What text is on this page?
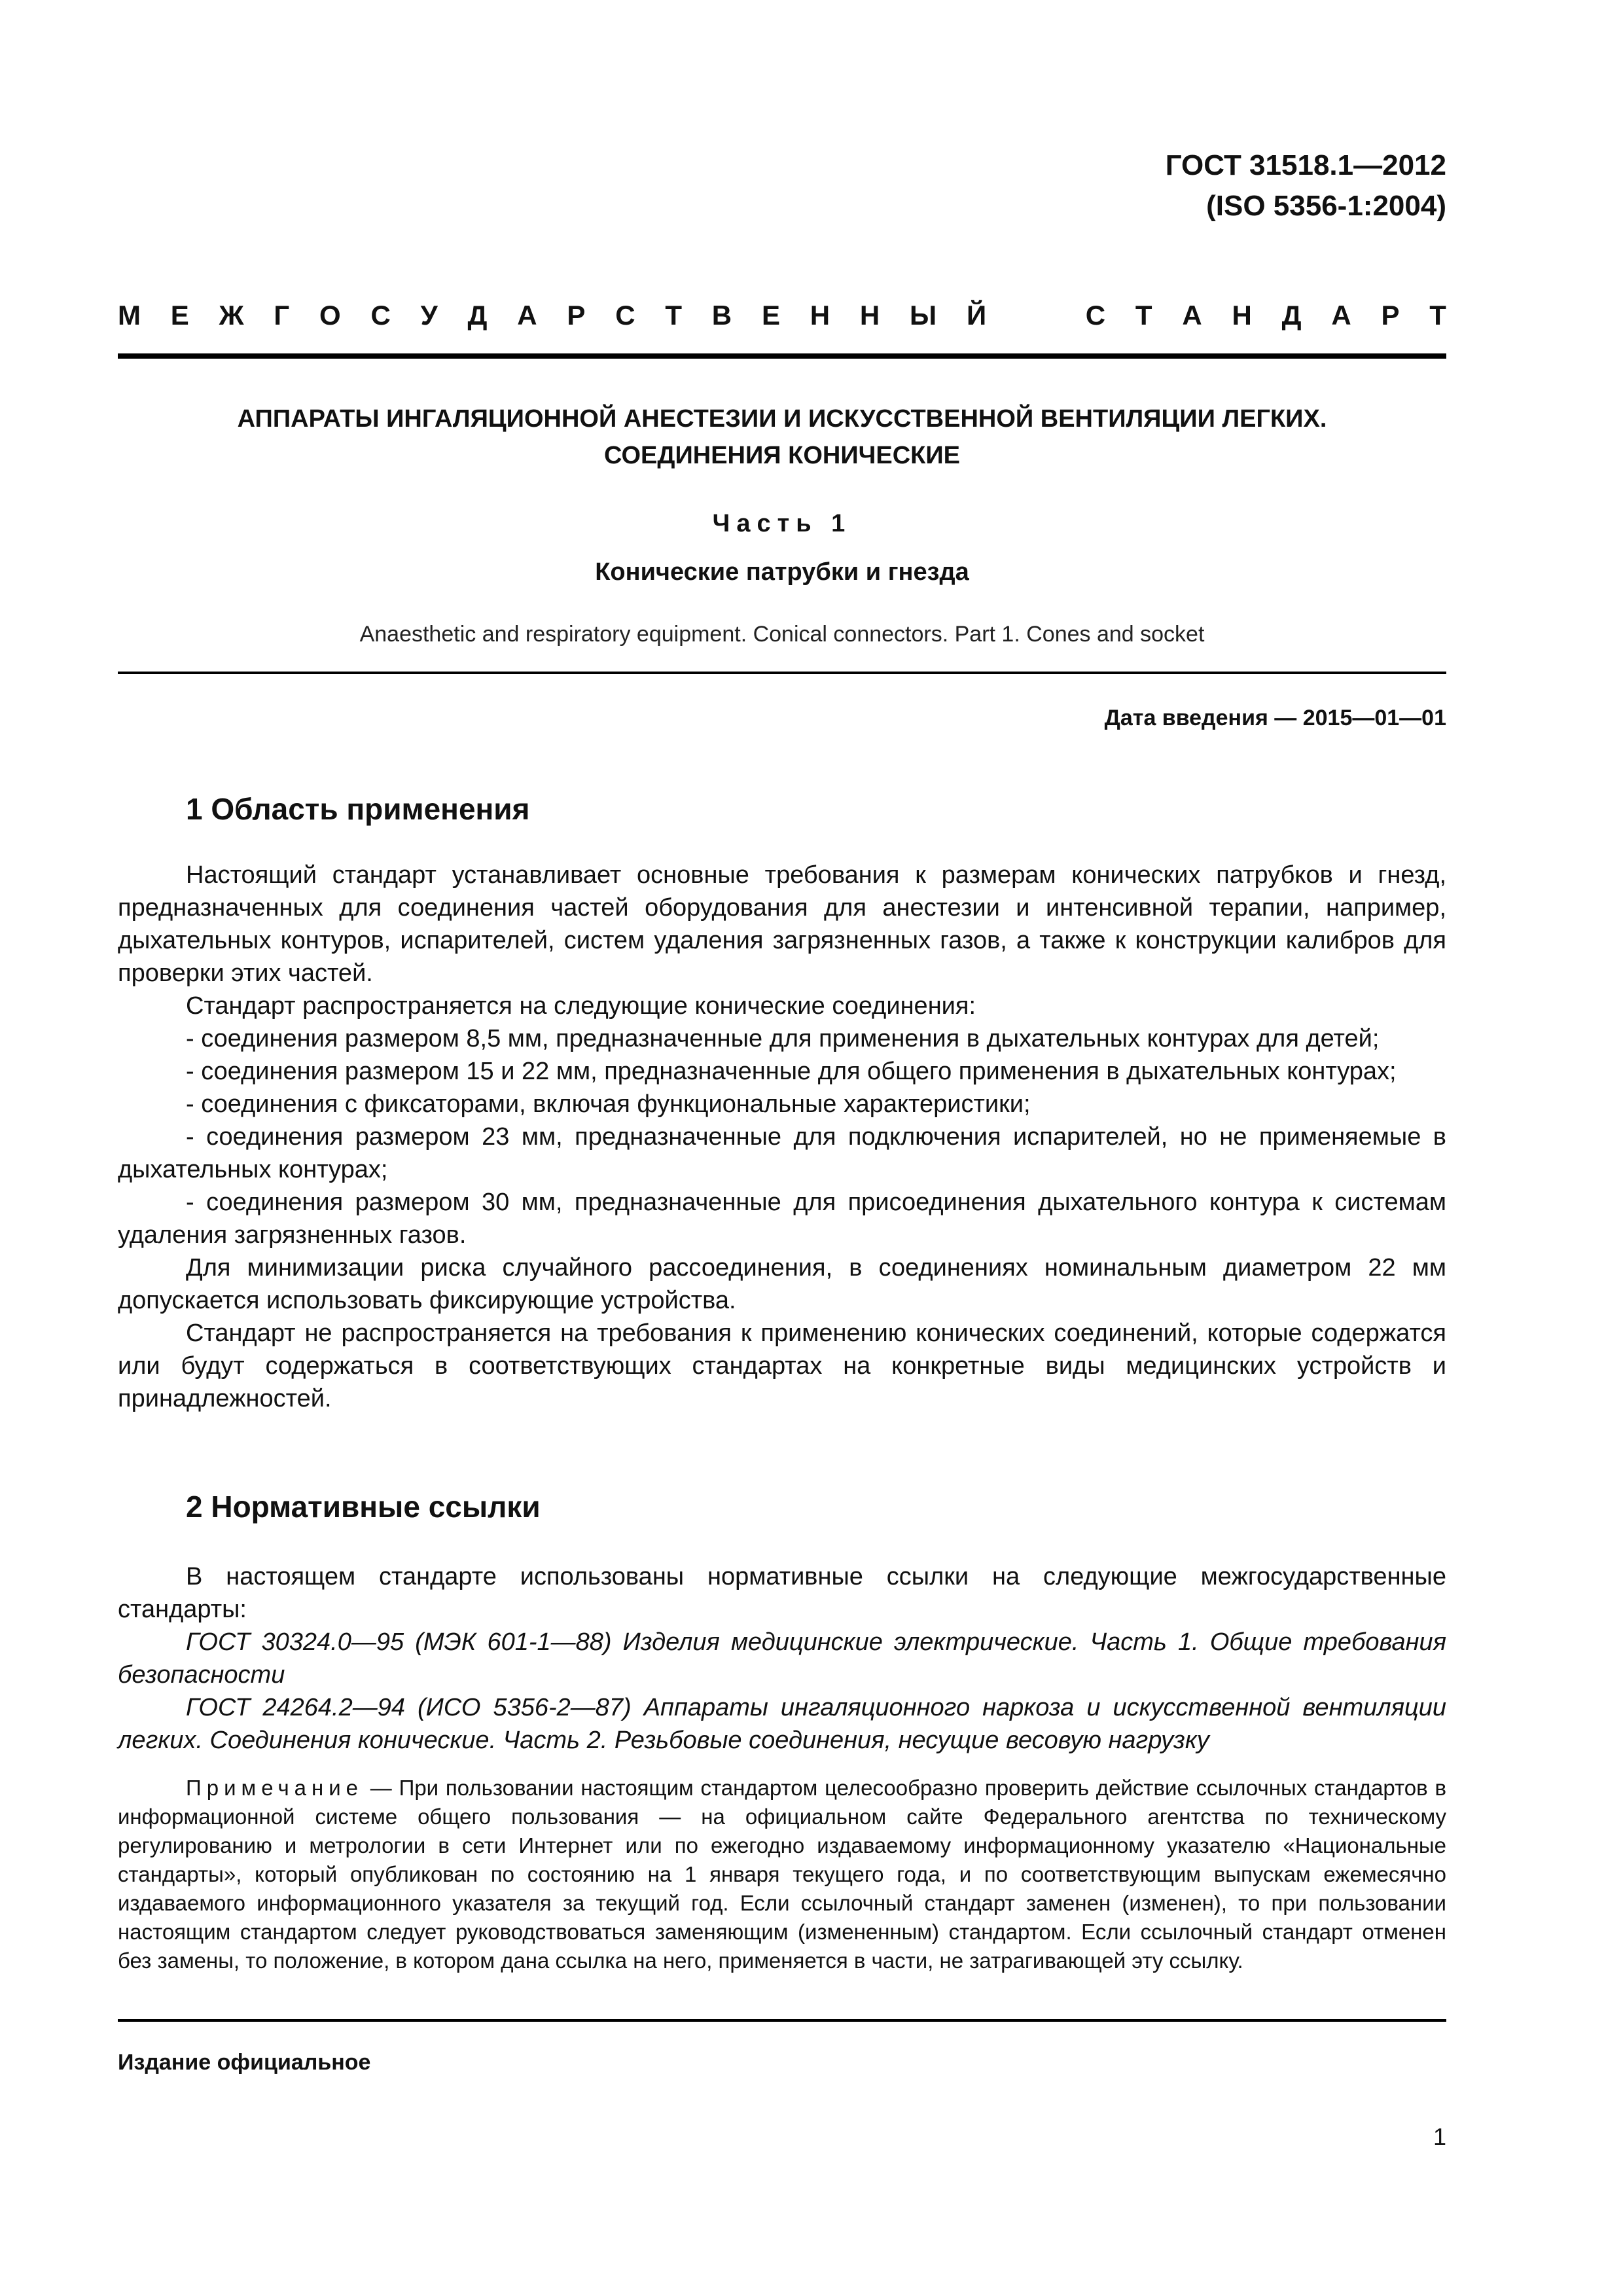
ГОСТ 31518.1—2012
(ISO 5356-1:2004)
М Е Ж Г О С У Д А Р С Т В Е Н Н Ы Й	С Т А Н Д А Р Т
АППАРАТЫ ИНГАЛЯЦИОННОЙ АНЕСТЕЗИИ И ИСКУССТВЕННОЙ ВЕНТИЛЯЦИИ ЛЕГКИХ.
СОЕДИНЕНИЯ КОНИЧЕСКИЕ
Часть 1
Конические патрубки и гнезда
Anaesthetic and respiratory equipment. Conical connectors. Part 1. Cones and socket
Дата введения — 2015—01—01
1 Область применения

Настоящий стандарт устанавливает основные требования к размерам конических патрубков и гнезд, предназначенных для соединения частей оборудования для анестезии и интенсивной терапии, например, дыхательных контуров, испарителей, систем удаления загрязненных газов, а также к конструкции калибров для проверки этих частей.

Стандарт распространяется на следующие конические соединения:

- соединения размером 8,5 мм, предназначенные для применения в дыхательных контурах для детей;

- соединения размером 15 и 22 мм, предназначенные для общего применения в дыхательных контурах;

- соединения с фиксаторами, включая функциональные характеристики;

- соединения размером 23 мм, предназначенные для подключения испарителей, но не применяемые в дыхательных контурах;

- соединения размером 30 мм, предназначенные для присоединения дыхательного контура к системам удаления загрязненных газов.

Для минимизации риска случайного рассоединения, в соединениях номинальным диаметром 22 мм допускается использовать фиксирующие устройства.

Стандарт не распространяется на требования к применению конических соединений, которые содержатся или будут содержаться в соответствующих стандартах на конкретные виды медицинских устройств и принадлежностей.

2 Нормативные ссылки

В настоящем стандарте использованы нормативные ссылки на следующие межгосударственные стандарты:

ГОСТ 30324.0—95 (МЭК 601-1—88) Изделия медицинские электрические. Часть 1. Общие требования безопасности

ГОСТ 24264.2—94 (ИСО 5356-2—87) Аппараты ингаляционного наркоза и искусственной вентиляции легких. Соединения конические. Часть 2. Резьбовые соединения, несущие весовую нагрузку

Примечание — При пользовании настоящим стандартом целесообразно проверить действие ссылочных стандартов в информационной системе общего пользования — на официальном сайте Федерального агентства по техническому регулированию и метрологии в сети Интернет или по ежегодно издаваемому информационному указателю «Национальные стандарты», который опубликован по состоянию на 1 января текущего года, и по соответствующим выпускам ежемесячно издаваемого информационного указателя за текущий год. Если ссылочный стандарт заменен (изменен), то при пользовании настоящим стандартом следует руководствоваться заменяющим (измененным) стандартом. Если ссылочный стандарт отменен без замены, то положение, в котором дана ссылка на него, применяется в части, не затрагивающей эту ссылку.
Издание официальное
1
